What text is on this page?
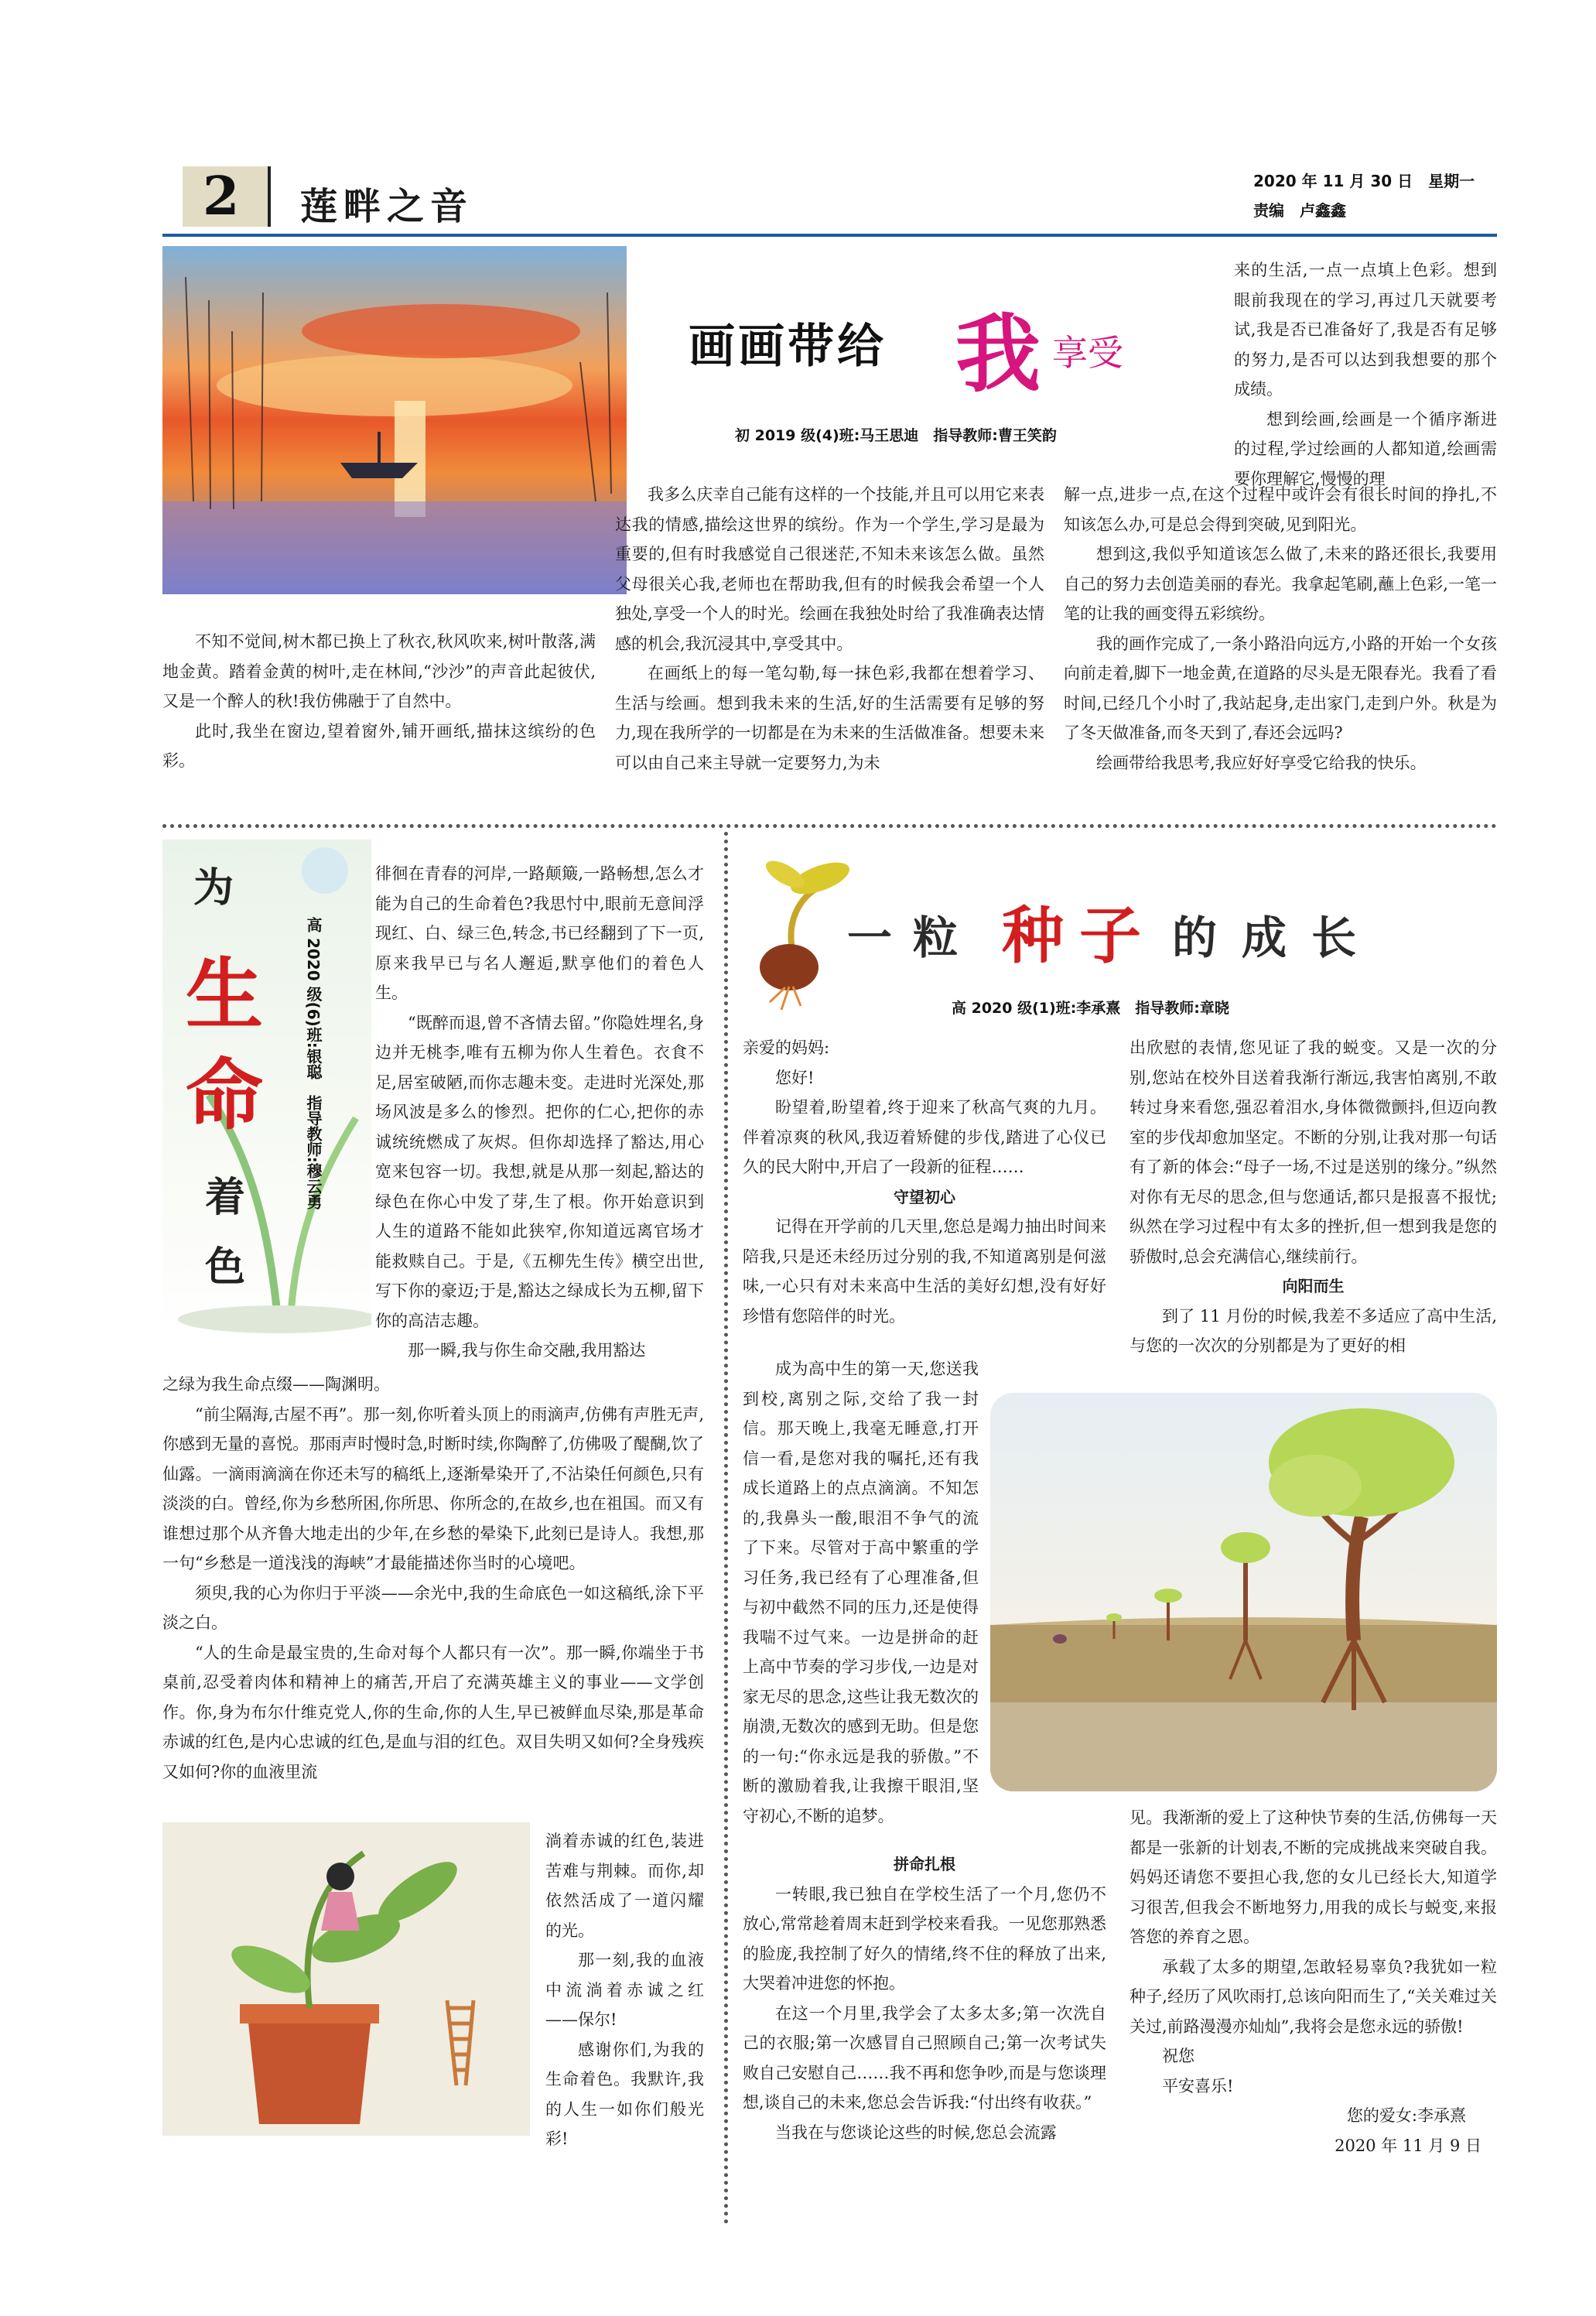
2 莲畔之音
2020 年 11 月 30 日　星期一
责编　卢鑫鑫
画画带给 我 享受
初 2019 级(4)班:马王思迪　指导教师:曹王笑韵

不知不觉间,树木都已换上了秋衣,秋风吹来,树叶散落,满地金黄。踏着金黄的树叶,走在林间,“沙沙”的声音此起彼伏,又是一个醉人的秋!我仿佛融于了自然中。

此时,我坐在窗边,望着窗外,铺开画纸,描抹这缤纷的色彩。

我多么庆幸自己能有这样的一个技能,并且可以用它来表达我的情感,描绘这世界的缤纷。作为一个学生,学习是最为重要的,但有时我感觉自己很迷茫,不知未来该怎么做。虽然父母很关心我,老师也在帮助我,但有的时候我会希望一个人独处,享受一个人的时光。绘画在我独处时给了我准确表达情感的机会,我沉浸其中,享受其中。

在画纸上的每一笔勾勒,每一抹色彩,我都在想着学习、生活与绘画。想到我未来的生活,好的生活需要有足够的努力,现在我所学的一切都是在为未来的生活做准备。想要未来可以由自己来主导就一定要努力,为未

来的生活,一点一点填上色彩。想到眼前我现在的学习,再过几天就要考试,我是否已准备好了,我是否有足够的努力,是否可以达到我想要的那个成绩。

想到绘画,绘画是一个循序渐进的过程,学过绘画的人都知道,绘画需要你理解它,慢慢的理

解一点,进步一点,在这个过程中或许会有很长时间的挣扎,不知该怎么办,可是总会得到突破,见到阳光。

想到这,我似乎知道该怎么做了,未来的路还很长,我要用自己的努力去创造美丽的春光。我拿起笔刷,蘸上色彩,一笔一笔的让我的画变得五彩缤纷。

我的画作完成了,一条小路沿向远方,小路的开始一个女孩向前走着,脚下一地金黄,在道路的尽头是无限春光。我看了看时间,已经几个小时了,我站起身,走出家门,走到户外。秋是为了冬天做准备,而冬天到了,春还会远吗?

绘画带给我思考,我应好好享受它给我的快乐。

为
生
命
着
色
高 2020 级(6)班:银聪　指导教师:穆云勇

徘徊在青春的河岸,一路颠簸,一路畅想,怎么才能为自己的生命着色?我思忖中,眼前无意间浮现红、白、绿三色,转念,书已经翻到了下一页,原来我早已与名人邂逅,默享他们的着色人生。

“既醉而退,曾不吝情去留。”你隐姓埋名,身边并无桃李,唯有五柳为你人生着色。衣食不足,居室破陋,而你志趣未变。走进时光深处,那场风波是多么的惨烈。把你的仁心,把你的赤诚统统燃成了灰烬。但你却选择了豁达,用心宽来包容一切。我想,就是从那一刻起,豁达的绿色在你心中发了芽,生了根。你开始意识到人生的道路不能如此狭窄,你知道远离官场才能救赎自己。于是,《五柳先生传》横空出世,写下你的豪迈;于是,豁达之绿成长为五柳,留下你的高洁志趣。

那一瞬,我与你生命交融,我用豁达

之绿为我生命点缀——陶渊明。

“前尘隔海,古屋不再”。那一刻,你听着头顶上的雨滴声,仿佛有声胜无声,你感到无量的喜悦。那雨声时慢时急,时断时续,你陶醉了,仿佛吸了醍醐,饮了仙露。一滴雨滴滴在你还未写的稿纸上,逐渐晕染开了,不沾染任何颜色,只有淡淡的白。曾经,你为乡愁所困,你所思、你所念的,在故乡,也在祖国。而又有谁想过那个从齐鲁大地走出的少年,在乡愁的晕染下,此刻已是诗人。我想,那一句“乡愁是一道浅浅的海峡”才最能描述你当时的心境吧。

须臾,我的心为你归于平淡——余光中,我的生命底色一如这稿纸,涂下平淡之白。

“人的生命是最宝贵的,生命对每个人都只有一次”。那一瞬,你端坐于书桌前,忍受着肉体和精神上的痛苦,开启了充满英雄主义的事业——文学创作。你,身为布尔什维克党人,你的生命,你的人生,早已被鲜血尽染,那是革命赤诚的红色,是内心忠诚的红色,是血与泪的红色。双目失明又如何?全身残疾又如何?你的血液里流

淌着赤诚的红色,装进苦难与荆棘。而你,却依然活成了一道闪耀的光。

那一刻,我的血液中流淌着赤诚之红——保尔!

感谢你们,为我的生命着色。我默许,我的人生一如你们般光彩!

一 粒 种 子 的 成 长
高 2020 级(1)班:李承熹　指导教师:章晓

亲爱的妈妈:

您好!

盼望着,盼望着,终于迎来了秋高气爽的九月。伴着凉爽的秋风,我迈着矫健的步伐,踏进了心仪已久的民大附中,开启了一段新的征程……

守望初心

记得在开学前的几天里,您总是竭力抽出时间来陪我,只是还未经历过分别的我,不知道离别是何滋味,一心只有对未来高中生活的美好幻想,没有好好珍惜有您陪伴的时光。

成为高中生的第一天,您送我到校,离别之际,交给了我一封信。那天晚上,我毫无睡意,打开信一看,是您对我的嘱托,还有我成长道路上的点点滴滴。不知怎的,我鼻头一酸,眼泪不争气的流了下来。尽管对于高中繁重的学习任务,我已经有了心理准备,但与初中截然不同的压力,还是使得我喘不过气来。一边是拼命的赶上高中节奏的学习步伐,一边是对家无尽的思念,这些让我无数次的崩溃,无数次的感到无助。但是您的一句:“你永远是我的骄傲。”不断的激励着我,让我擦干眼泪,坚守初心,不断的追梦。

拼命扎根

一转眼,我已独自在学校生活了一个月,您仍不放心,常常趁着周末赶到学校来看我。一见您那熟悉的脸庞,我控制了好久的情绪,终不住的释放了出来,大哭着冲进您的怀抱。

在这一个月里,我学会了太多太多;第一次洗自己的衣服;第一次感冒自己照顾自己;第一次考试失败自己安慰自己……我不再和您争吵,而是与您谈理想,谈自己的未来,您总会告诉我:“付出终有收获。”

当我在与您谈论这些的时候,您总会流露

出欣慰的表情,您见证了我的蜕变。又是一次的分别,您站在校外目送着我渐行渐远,我害怕离别,不敢转过身来看您,强忍着泪水,身体微微颤抖,但迈向教室的步伐却愈加坚定。不断的分别,让我对那一句话有了新的体会:“母子一场,不过是送别的缘分。”纵然对你有无尽的思念,但与您通话,都只是报喜不报忧;纵然在学习过程中有太多的挫折,但一想到我是您的骄傲时,总会充满信心,继续前行。

向阳而生

到了 11 月份的时候,我差不多适应了高中生活,与您的一次次的分别都是为了更好的相

见。我渐渐的爱上了这种快节奏的生活,仿佛每一天都是一张新的计划表,不断的完成挑战来突破自我。妈妈还请您不要担心我,您的女儿已经长大,知道学习很苦,但我会不断地努力,用我的成长与蜕变,来报答您的养育之恩。

承载了太多的期望,怎敢轻易辜负?我犹如一粒种子,经历了风吹雨打,总该向阳而生了,“关关难过关关过,前路漫漫亦灿灿”,我将会是您永远的骄傲!

祝您

平安喜乐!

您的爱女:李承熹

2020 年 11 月 9 日
